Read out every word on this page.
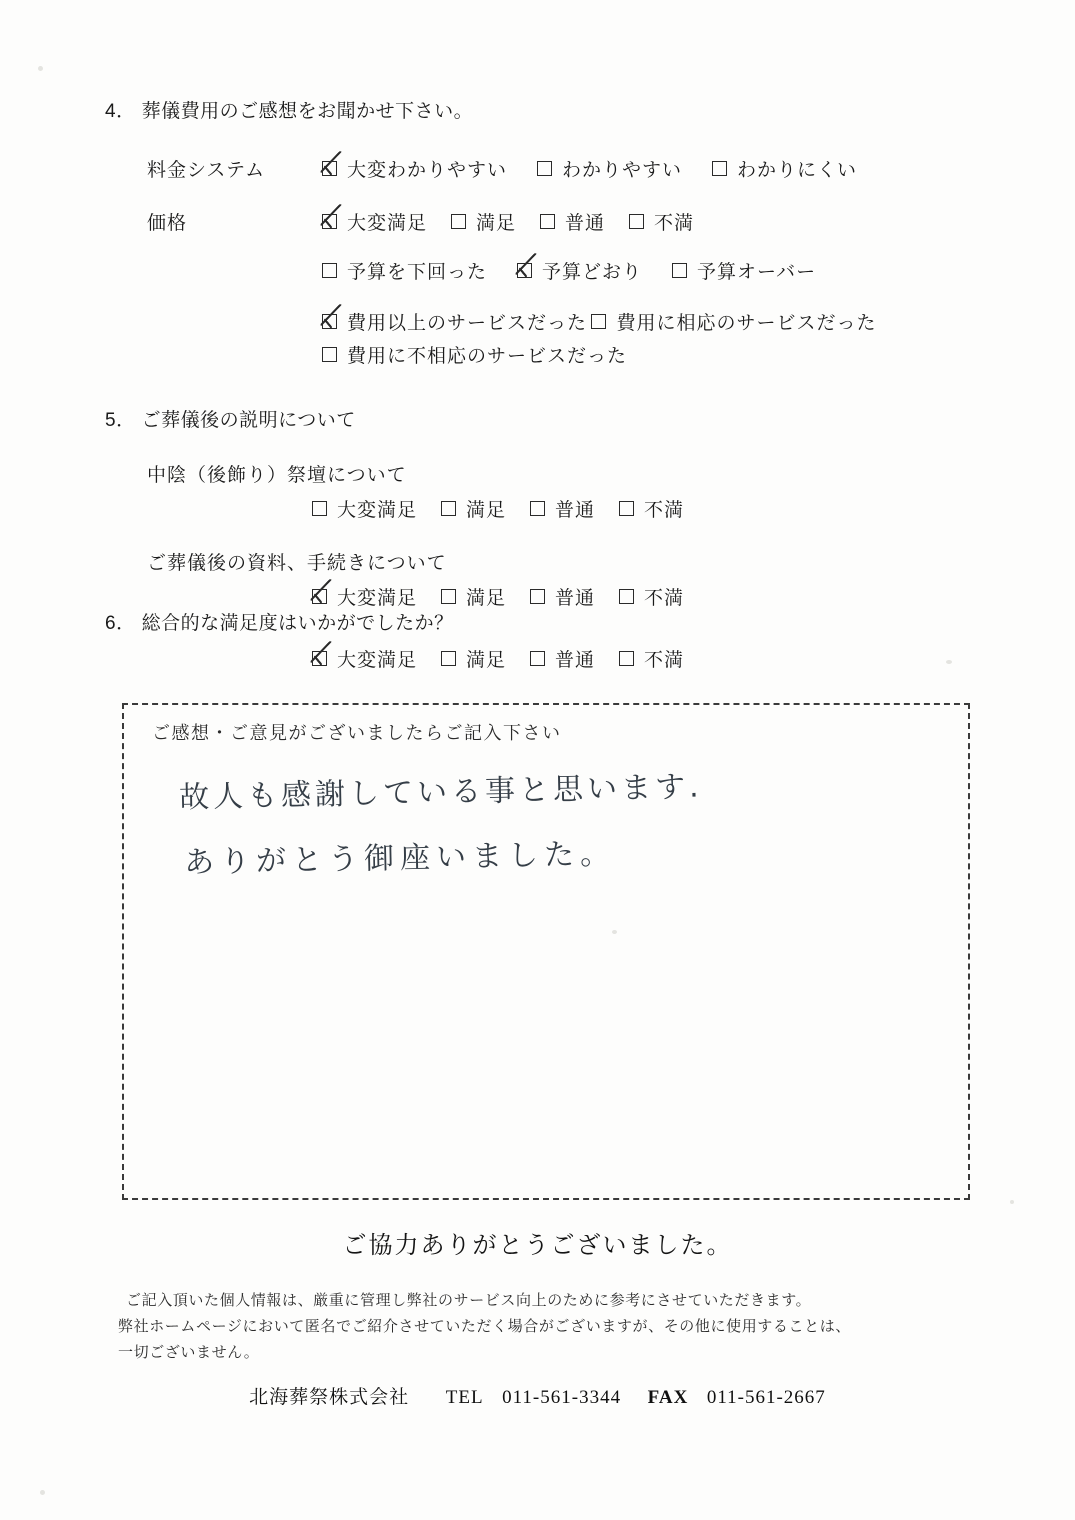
4． 葬儀費用のご感想をお聞かせ下さい。
料金システム	大変わかりやすい	わかりやすい	わかりにくい
価格	大変満足	満足	普通	不満
予算を下回った	予算どおり	予算オーバー
費用以上のサービスだった
費用に相応のサービスだった

費用に不相応のサービスだった
5． ご葬儀後の説明について
中陰（後飾り）祭壇について
大変満足	満足	普通	不満
ご葬儀後の資料、手続きについて
大変満足	満足	普通	不満
6． 総合的な満足度はいかがでしたか？
大変満足	満足	普通	不満
ご感想・ご意見がございましたらご記入下さい
故人も感謝している事と思います.
ありがとう御座いました。
ご協力ありがとうございました。
ご記入頂いた個人情報は、厳重に管理し弊社のサービス向上のために参考にさせていただきます。
弊社ホームページにおいて匿名でご紹介させていただく場合がございますが、その他に使用することは、
一切ございません。
北海葬祭株式会社 TEL 011-561-3344 FAX 011-561-2667
